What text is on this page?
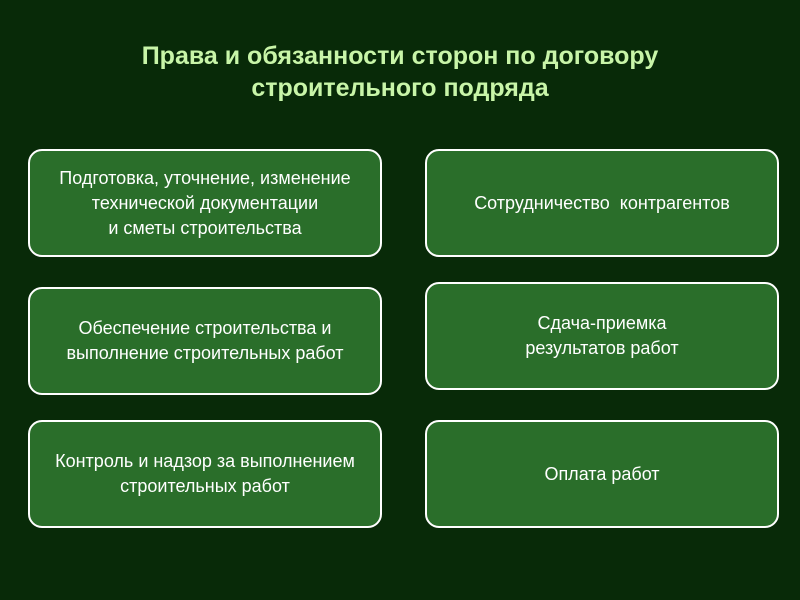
Права и обязанности сторон по договору
строительного подряда
Подготовка, уточнение, изменение
технической документации
и сметы строительства
Обеспечение строительства и
выполнение строительных работ
Контроль и надзор за выполнением
строительных работ
Сотрудничество  контрагентов
Сдача-приемка
результатов работ
Оплата работ
